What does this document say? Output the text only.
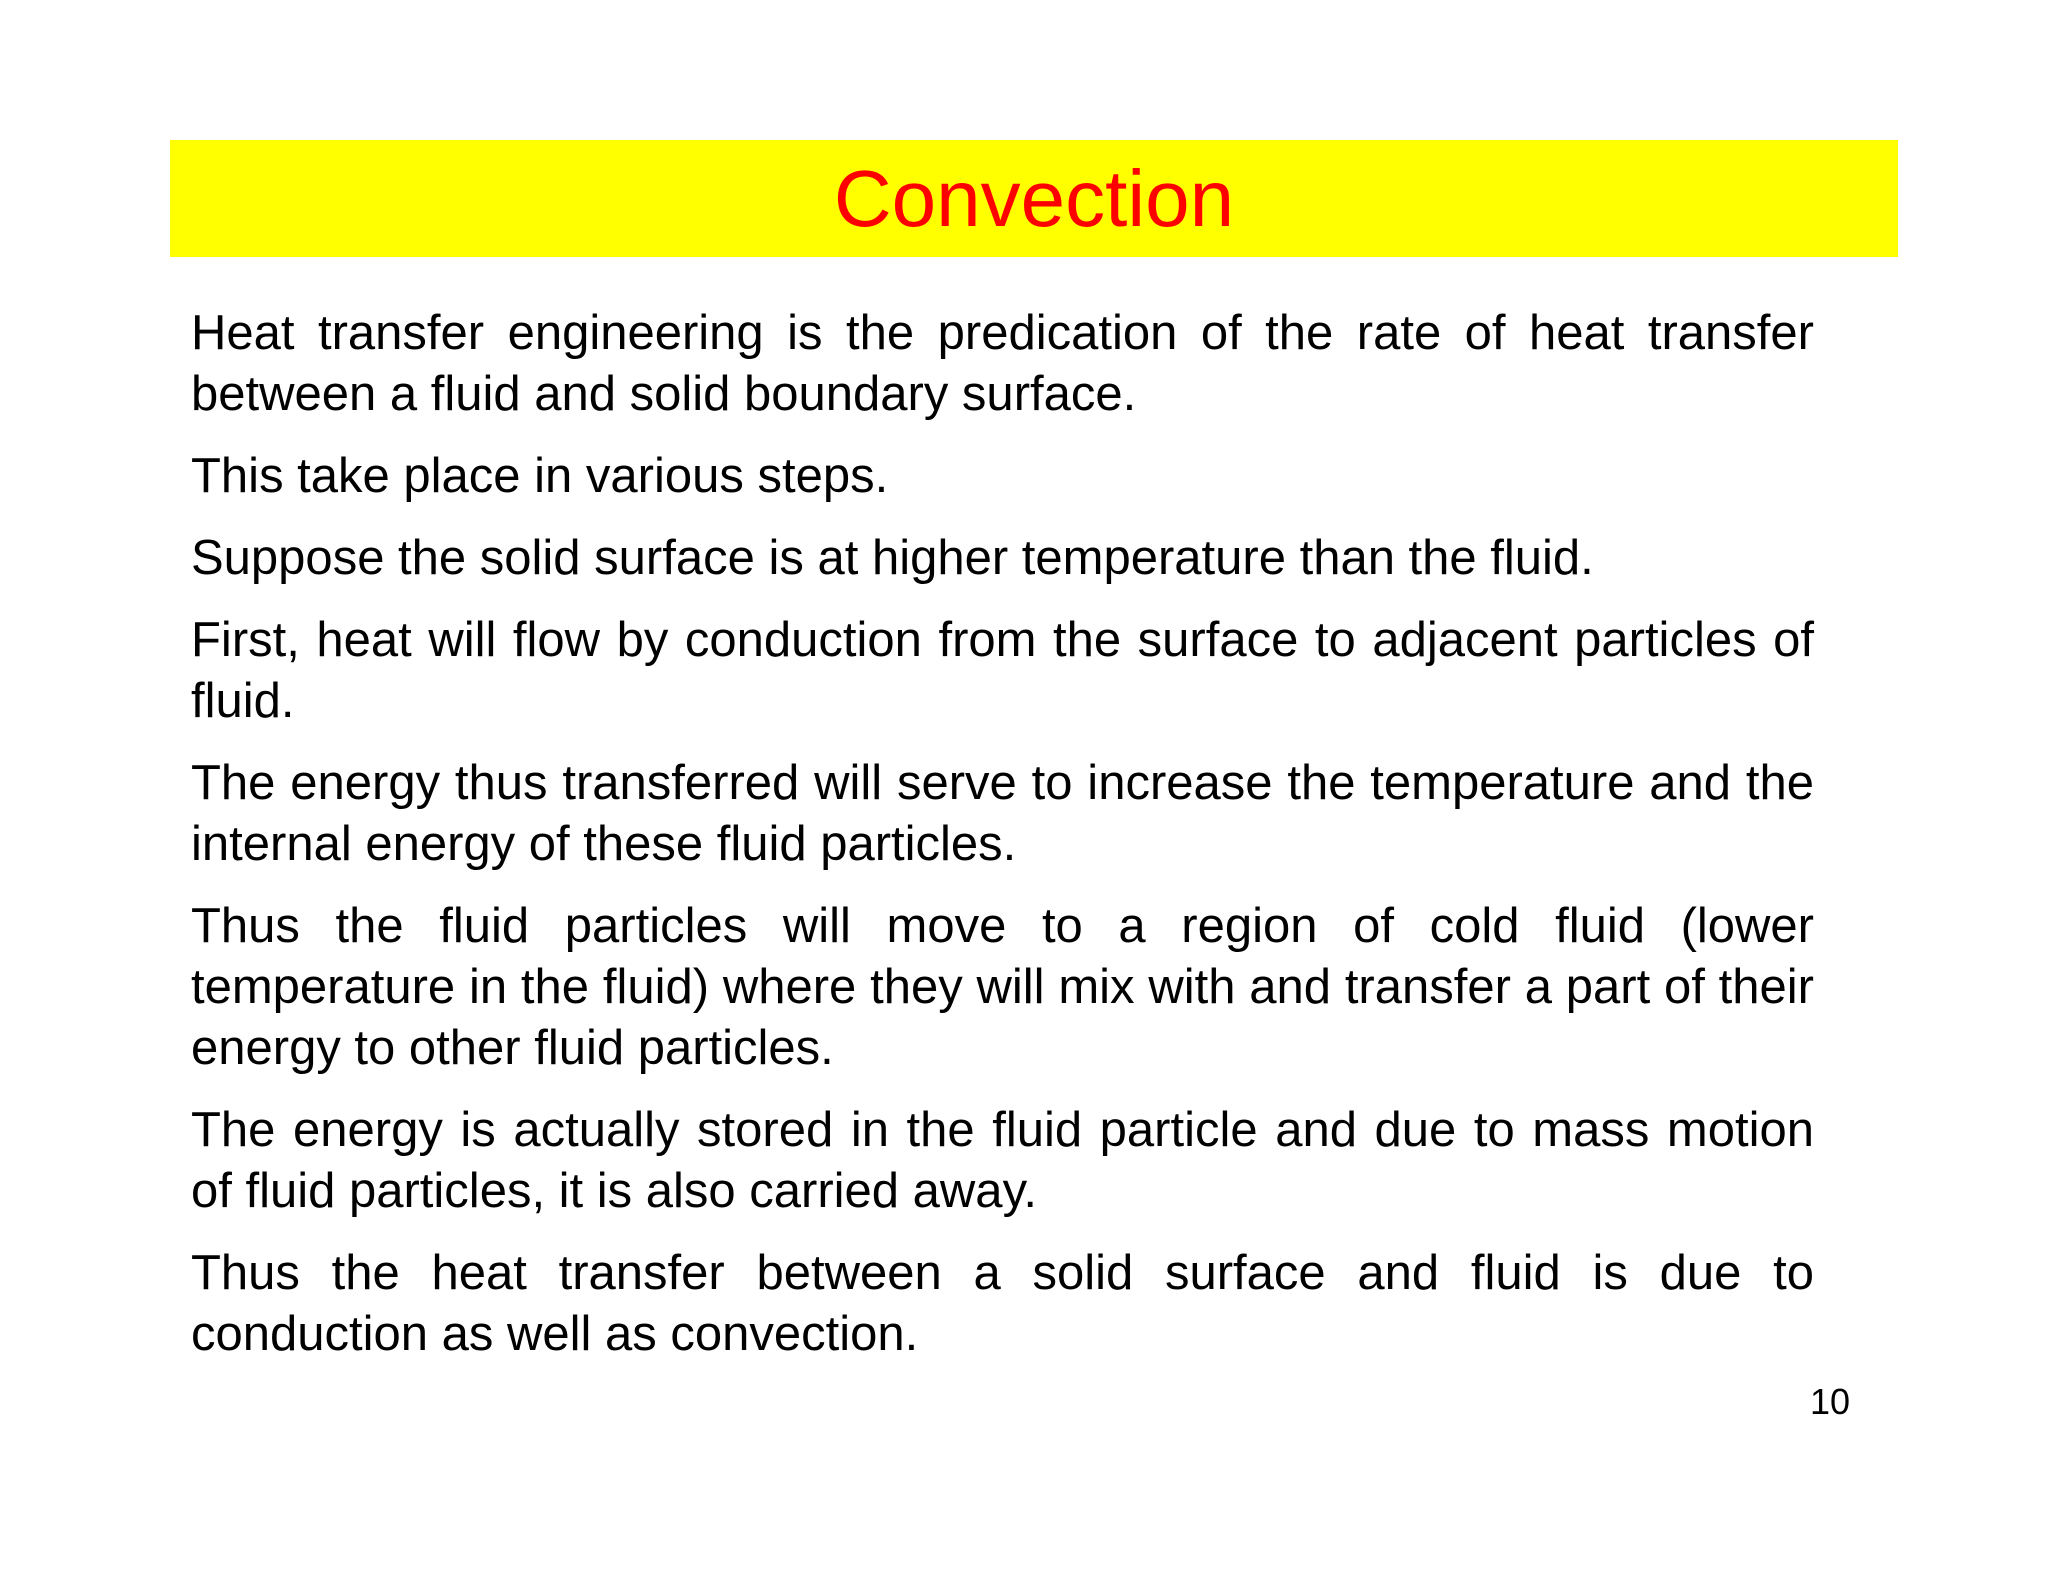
Convection

Heat transfer engineering is the predication of the rate of heat transfer between a fluid and solid boundary surface.

This take place in various steps.

Suppose the solid surface is at higher temperature than the fluid.

First, heat will flow by conduction from the surface to adjacent particles of fluid.

The energy thus transferred will serve to increase the temperature and the internal energy of these fluid particles.

Thus the fluid particles will move to a region of cold fluid (lower temperature in the fluid) where they will mix with and transfer a part of their energy to other fluid particles.

The energy is actually stored in the fluid particle and due to mass motion of fluid particles, it is also carried away.

Thus the heat transfer between a solid surface and fluid is due to conduction as well as convection.

10
